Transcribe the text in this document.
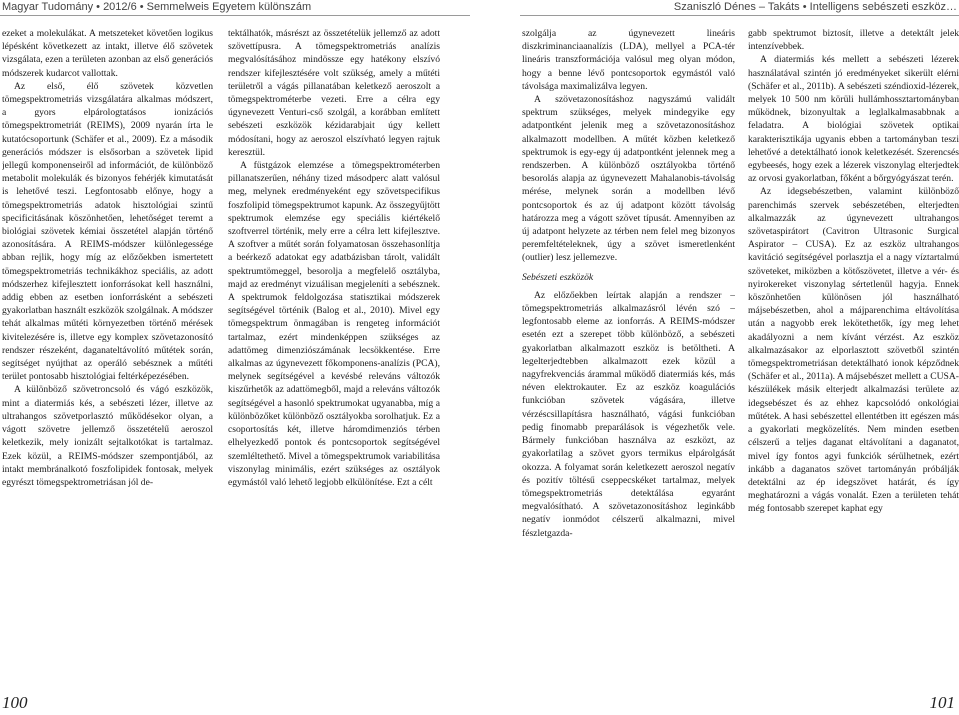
Magyar Tudomány • 2012/6 • Semmelweis Egyetem különszám	Szaniszló Dénes – Takáts • Intelligens sebészeti eszköz…

ezeket a molekulákat. A metszeteket követően logikus lépésként következett az intakt, illetve élő szövetek vizsgálata, ezen a területen azonban az első generációs módszerek kudarcot vallottak.

Az első, élő szövetek közvetlen tömegspektrometriás vizsgálatára alkalmas módszert, a gyors elpárologtatásos ionizációs tömegspektrometriát (REIMS), 2009 nyarán írta le kutatócsoportunk (Schäfer et al., 2009). Ez a második generációs módszer is elsősorban a szövetek lipid jellegű komponenseiről ad információt, de különböző metabolit molekulák és bizonyos fehérjék kimutatását is lehetővé teszi. Legfontosabb előnye, hogy a tömegspektrometriás adatok hisztológiai szintű specificitásának köszönhetően, lehetőséget teremt a biológiai szövetek kémiai összetétel alapján történő azonosítására. A REIMS-módszer különlegessége abban rejlik, hogy míg az előzőekben ismertetett tömegspektrometriás technikákhoz speciális, az adott módszerhez kifejlesztett ionforrásokat kell használni, addig ebben az esetben ionforrásként a sebészeti gyakorlatban használt eszközök szolgálnak. A módszer tehát alkalmas műtéti környezetben történő mérések kivitelezésére is, illetve egy komplex szövetazonosító rendszer részeként, daganateltávolító műtétek során, segítséget nyújthat az operáló sebésznek a műtéti terület pontosabb hisztológiai feltérképezésében.

A különböző szövetroncsoló és vágó eszközök, mint a diatermiás kés, a sebészeti lézer, illetve az ultrahangos szövetporlasztó működésekor olyan, a vágott szövetre jellemző összetételű aeroszol keletkezik, mely ionizált sejtalkotókat is tartalmaz. Ezek közül, a REIMS-módszer szempontjából, az intakt membránalkotó foszfolipidek fontosak, melyek egyrészt tömegspektrometriásan jól de-

tektálhatók, másrészt az összetételük jellemző az adott szövettípusra. A tömegspektrometriás analízis megvalósításához mindössze egy hatékony elszívó rendszer kifejlesztésére volt szükség, amely a műtéti területről a vágás pillanatában keletkező aeroszolt a tömegspektrométerbe vezeti. Erre a célra egy úgynevezett Venturi-cső szolgál, a korábban említett sebészeti eszközök kézidarabjait úgy kellett módosítani, hogy az aeroszol elszívható legyen rajtuk keresztül.

A füstgázok elemzése a tömegspektrométerben pillanatszerűen, néhány tized másodperc alatt valósul meg, melynek eredményeként egy szövetspecifikus foszfolipid tömegspektrumot kapunk. Az összegyűjtött spektrumok elemzése egy speciális kiértékelő szoftverrel történik, mely erre a célra lett kifejlesztve. A szoftver a műtét során folyamatosan összehasonlítja a beérkező adatokat egy adatbázisban tárolt, validált spektrumtömeggel, besorolja a megfelelő osztályba, majd az eredményt vizuálisan megjeleníti a sebésznek. A spektrumok feldolgozása statisztikai módszerek segítségével történik (Balog et al., 2010). Mivel egy tömegspektrum önmagában is rengeteg információt tartalmaz, ezért mindenképpen szükséges az adattömeg dimenziószámának lecsökkentése. Erre alkalmas az úgynevezett főkomponens-analízis (PCA), melynek segítségével a kevésbé releváns változók kiszűrhetők az adattömegből, majd a releváns változók segítségével a hasonló spektrumokat ugyanabba, míg a különbözőket különböző osztályokba sorolhatjuk. Ez a csoportosítás két, illetve háromdimenziós térben elhelyezkedő pontok és pontcsoportok segítségével szemléltethető. Mivel a tömegspektrumok variabilitása viszonylag minimális, ezért szükséges az osztályok egymástól való lehető legjobb elkülönítése. Ezt a célt

szolgálja az úgynevezett lineáris diszkriminanciaanalízis (LDA), mellyel a PCA-tér lineáris transzformációja valósul meg olyan módon, hogy a benne lévő pontcsoportok egymástól való távolsága maximalizálva legyen.

A szövetazonosításhoz nagyszámú validált spektrum szükséges, melyek mindegyike egy adatpontként jelenik meg a szövetazonosításhoz alkalmazott modellben. A műtét közben keletkező spektrumok is egy-egy új adatpontként jelennek meg a rendszerben. A különböző osztályokba történő besorolás alapja az úgynevezett Mahalanobis-távolság mérése, melynek során a modellben lévő pontcsoportok és az új adatpont között távolság határozza meg a vágott szövet típusát. Amennyiben az új adatpont helyzete az térben nem felel meg bizonyos peremfeltételeknek, úgy a szövet ismeretlenként (outlier) lesz jellemezve.

Sebészeti eszközök

Az előzőekben leírtak alapján a rendszer – tömegspektrometriás alkalmazásról lévén szó – legfontosabb eleme az ionforrás. A REIMS-módszer esetén ezt a szerepet több különböző, a sebészeti gyakorlatban alkalmazott eszköz is betöltheti. A legelterjedtebben alkalmazott ezek közül a nagyfrekvenciás árammal működő diatermiás kés, más néven elektrokauter. Ez az eszköz koagulációs funkcióban szövetek vágására, illetve vérzéscsillapításra használható, vágási funkcióban pedig finomabb preparálások is végezhetők vele. Bármely funkcióban használva az eszközt, az gyakorlatilag a szövet gyors termikus elpárolgását okozza. A folyamat során keletkezett aeroszol negatív és pozitív töltésű cseppecskéket tartalmaz, melyek tömegspektrometriás detektálása egyaránt megvalósítható. A szövetazonosításhoz leginkább negatív ionmódot célszerű alkalmazni, mivel fészletgazda-

gabb spektrumot biztosít, illetve a detektált jelek intenzívebbek.

A diatermiás kés mellett a sebészeti lézerek használatával szintén jó eredményeket sikerült elérni (Schäfer et al., 2011b). A sebészeti széndioxid-lézerek, melyek 10 500 nm körüli hullámhossztartományban működnek, bizonyultak a leglalkalmasabbnak a feladatra. A biológiai szövetek optikai karakterisztikája ugyanis ebben a tartományban teszi lehetővé a detektálható ionok keletkezését. Szerencsés egybeesés, hogy ezek a lézerek viszonylag elterjedtek az orvosi gyakorlatban, főként a bőrgyógyászat terén.

Az idegsebészetben, valamint különböző parenchimás szervek sebészetében, elterjedten alkalmazzák az úgynevezett ultrahangos szövetaspirátort (Cavitron Ultrasonic Surgical Aspirator – CUSA). Ez az eszköz ultrahangos kavitáció segítségével porlasztja el a nagy víztartalmú szöveteket, miközben a kötőszövetet, illetve a vér- és nyirokereket viszonylag sértetlenül hagyja. Ennek köszönhetően különösen jól használható májsebészetben, ahol a májparenchima eltávolítása után a nagyobb erek lekötethetők, így meg lehet akadályozni a nem kívánt vérzést. Az eszköz alkalmazásakor az elporlasztott szövetből szintén tömegspektrometriásan detektálható ionok képződnek (Schäfer et al., 2011a). A májsebészet mellett a CUSA-készülékek másik elterjedt alkalmazási területe az idegsebészet és az ehhez kapcsolódó onkológiai műtétek. A hasi sebészettel ellentétben itt egészen más a gyakorlati megközelítés. Nem minden esetben célszerű a teljes daganat eltávolítani a daganatot, mivel így fontos agyi funkciók sérülhetnek, ezért inkább a daganatos szövet tartományán próbálják detektálni az ép idegszövet határát, és így meghatározni a vágás vonalát. Ezen a területen tehát még fontosabb szerepet kaphat egy

100	101
